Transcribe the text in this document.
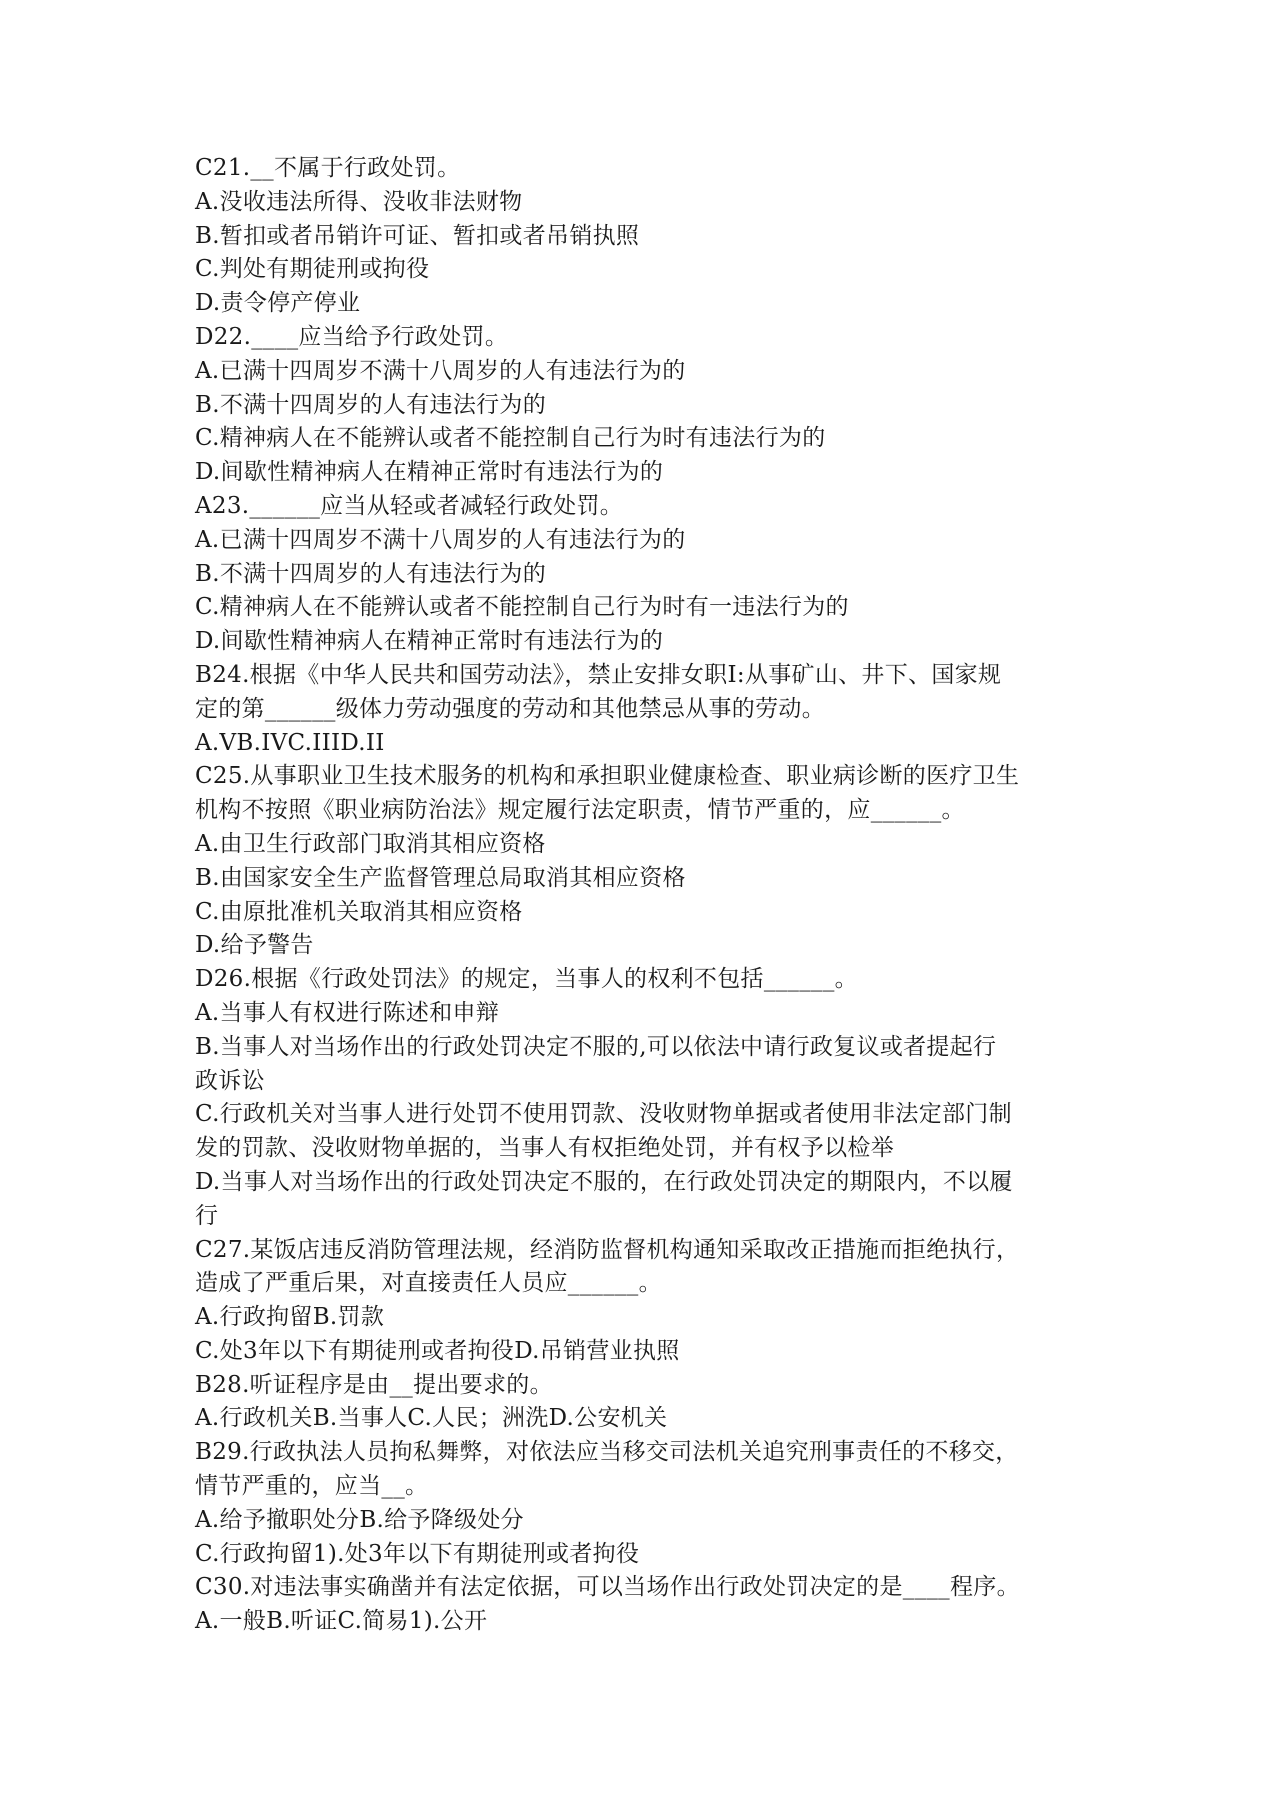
C21.__不属于行政处罚。
A.没收违法所得、没收非法财物
B.暂扣或者吊销许可证、暂扣或者吊销执照
C.判处有期徒刑或拘役
D.责令停产停业
D22.____应当给予行政处罚。
A.已满十四周岁不满十八周岁的人有违法行为的
B.不满十四周岁的人有违法行为的
C.精神病人在不能辨认或者不能控制自己行为时有违法行为的
D.间歇性精神病人在精神正常时有违法行为的
A23.______应当从轻或者减轻行政处罚。
A.已满十四周岁不满十八周岁的人有违法行为的
B.不满十四周岁的人有违法行为的
C.精神病人在不能辨认或者不能控制自己行为时有一违法行为的
D.间歇性精神病人在精神正常时有违法行为的
B24.根据《中华人民共和国劳动法》，禁止安排女职I:从事矿山、井下、国家规
定的第______级体力劳动强度的劳动和其他禁忌从事的劳动。
A.VB.IVC.IIID.II
C25.从事职业卫生技术服务的机构和承担职业健康检查、职业病诊断的医疗卫生
机构不按照《职业病防治法》规定履行法定职责，情节严重的，应______。
A.由卫生行政部门取消其相应资格
B.由国家安全生产监督管理总局取消其相应资格
C.由原批准机关取消其相应资格
D.给予警告
D26.根据《行政处罚法》的规定，当事人的权利不包括______。
A.当事人有权进行陈述和申辩
B.当事人对当场作出的行政处罚决定不服的,可以依法中请行政复议或者提起行
政诉讼
C.行政机关对当事人进行处罚不使用罚款、没收财物单据或者使用非法定部门制
发的罚款、没收财物单据的，当事人有权拒绝处罚，并有权予以检举
D.当事人对当场作出的行政处罚决定不服的，在行政处罚决定的期限内，不以履
行
C27.某饭店违反消防管理法规，经消防监督机构通知采取改正措施而拒绝执行，
造成了严重后果，对直接责任人员应______。
A.行政拘留B.罚款
C.处3年以下有期徒刑或者拘役D.吊销营业执照
B28.听证程序是由__提出要求的。
A.行政机关B.当事人C.人民；洲洗D.公安机关
B29.行政执法人员拘私舞弊，对依法应当移交司法机关追究刑事责任的不移交，
情节严重的，应当__。
A.给予撤职处分B.给予降级处分
C.行政拘留1).处3年以下有期徒刑或者拘役
C30.对违法事实确凿并有法定依据，可以当场作出行政处罚决定的是____程序。
A.一般B.听证C.简易1).公开
